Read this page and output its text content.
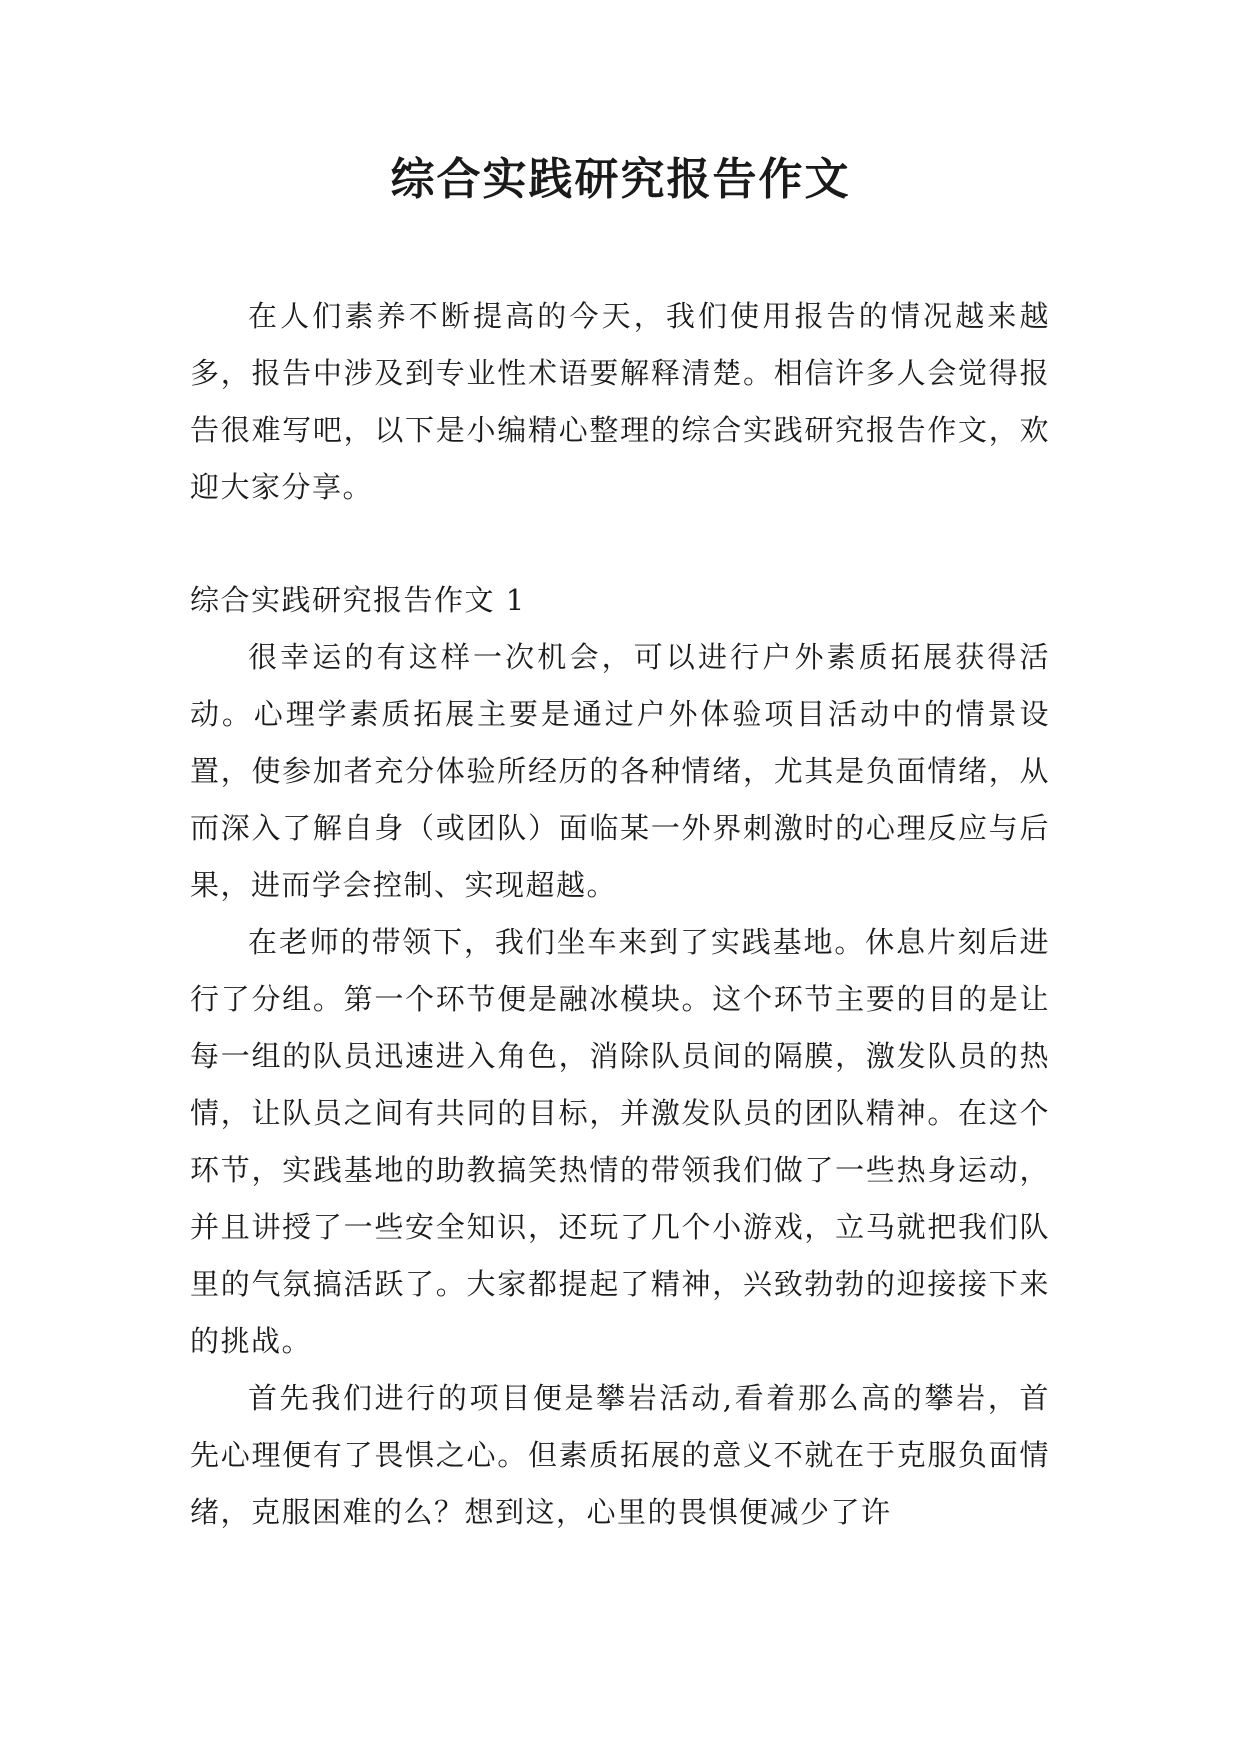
综合实践研究报告作文

在人们素养不断提高的今天，我们使用报告的情况越来越多，报告中涉及到专业性术语要解释清楚。相信许多人会觉得报告很难写吧，以下是小编精心整理的综合实践研究报告作文，欢迎大家分享。

综合实践研究报告作文 1

很幸运的有这样一次机会，可以进行户外素质拓展获得活动。心理学素质拓展主要是通过户外体验项目活动中的情景设置，使参加者充分体验所经历的各种情绪，尤其是负面情绪，从而深入了解自身（或团队）面临某一外界刺激时的心理反应与后果，进而学会控制、实现超越。

在老师的带领下，我们坐车来到了实践基地。休息片刻后进行了分组。第一个环节便是融冰模块。这个环节主要的目的是让每一组的队员迅速进入角色，消除队员间的隔膜，激发队员的热情，让队员之间有共同的目标，并激发队员的团队精神。在这个环节，实践基地的助教搞笑热情的带领我们做了一些热身运动，并且讲授了一些安全知识，还玩了几个小游戏，立马就把我们队里的气氛搞活跃了。大家都提起了精神，兴致勃勃的迎接接下来的挑战。

首先我们进行的项目便是攀岩活动,看着那么高的攀岩，首先心理便有了畏惧之心。但素质拓展的意义不就在于克服负面情绪，克服困难的么？想到这，心里的畏惧便减少了许
